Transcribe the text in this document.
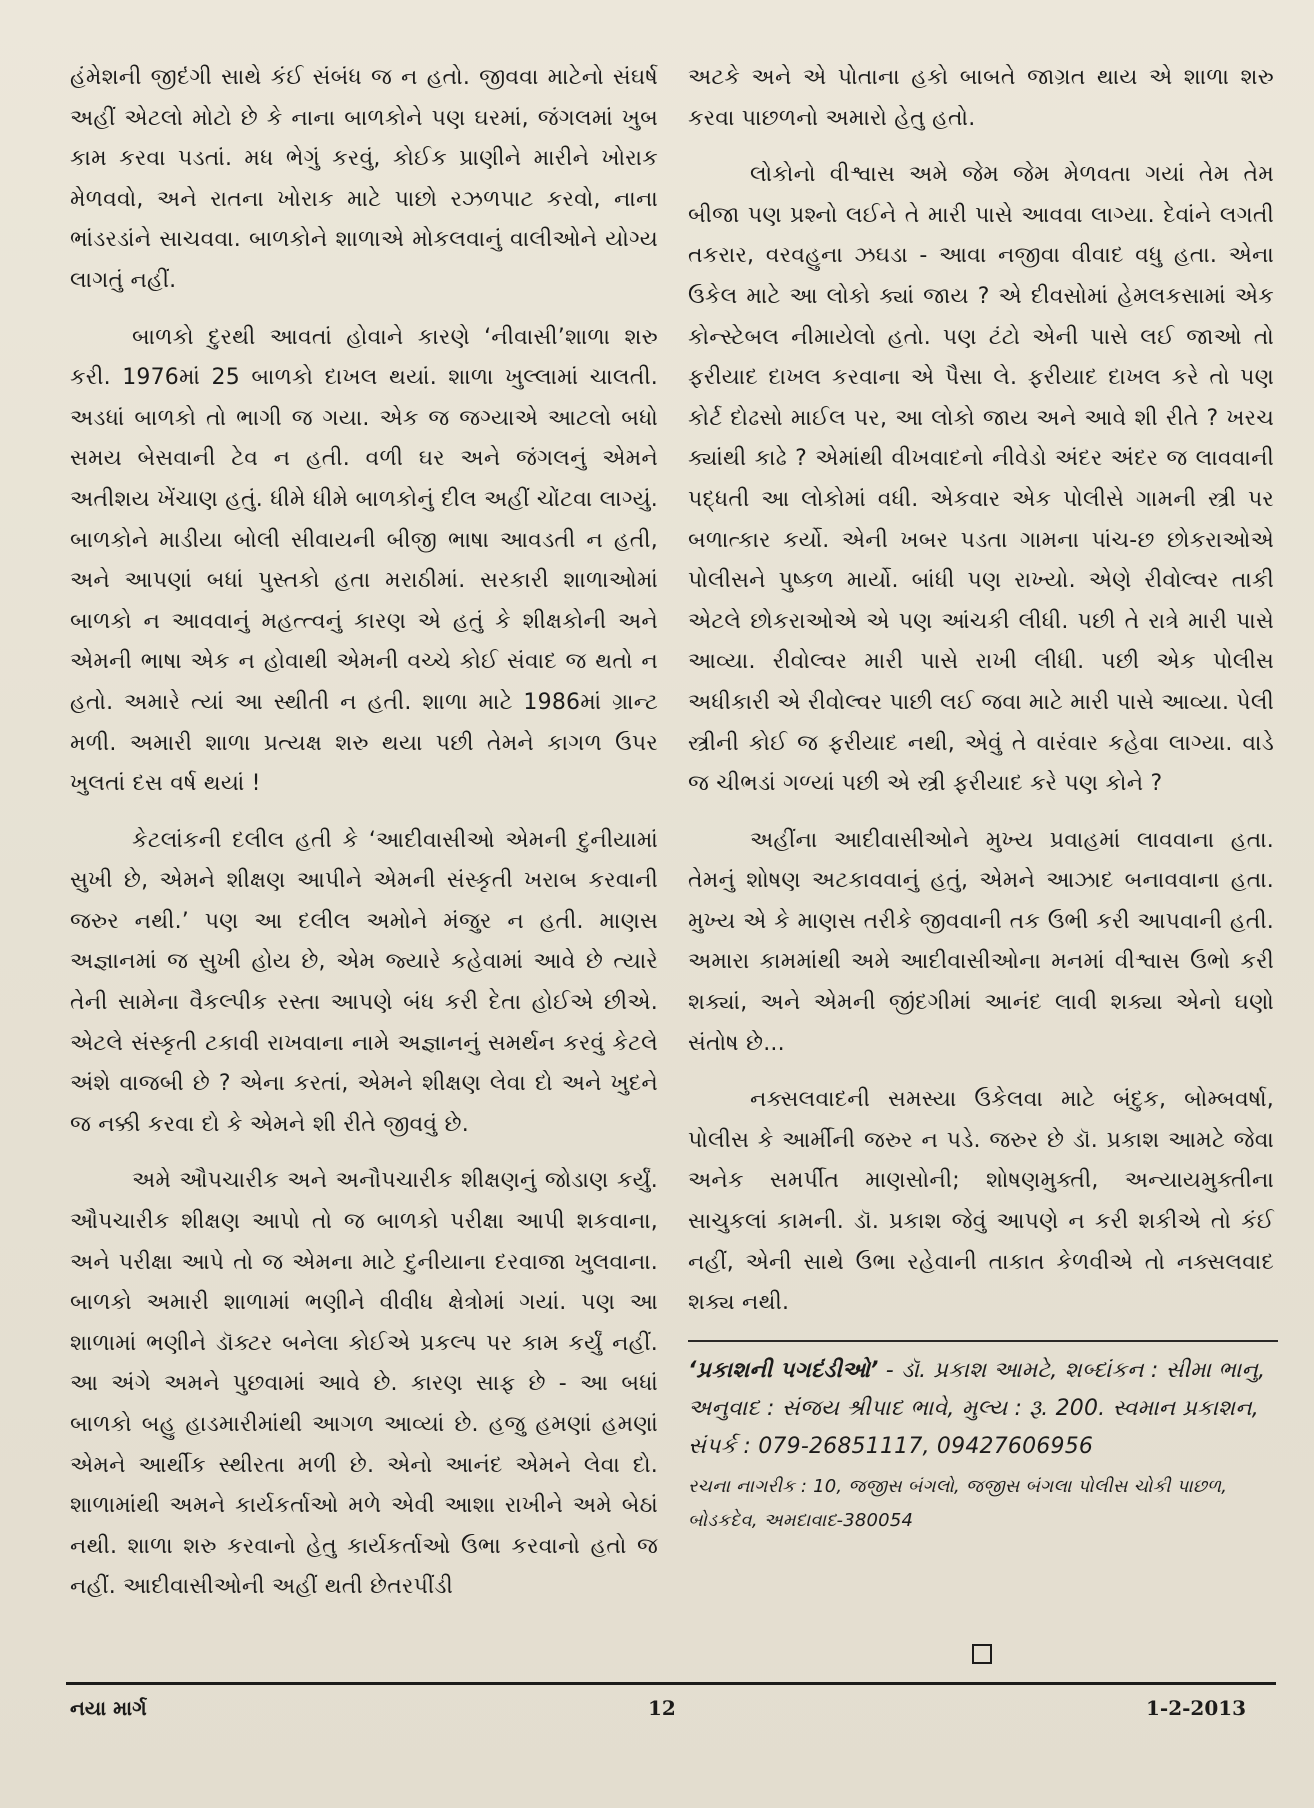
હંમેશની જીદંગી સાથે કંઈ સંબંધ જ ન હતો. જીવવા માટેનો સંઘર્ષ અહીં એટલો મોટો છે કે નાના બાળકોને પણ ઘરમાં, જંગલમાં ખુબ કામ કરવા પડતાં. મધ ભેગું કરવું, કોઈક પ્રાણીને મારીને ખોરાક મેળવવો, અને રાતના ખોરાક માટે પાછો રઝળપાટ કરવો, નાના ભાંડરડાંને સાચવવા. બાળકોને શાળાએ મોકલવાનું વાલીઓને યોગ્ય લાગતું નહીં.

બાળકો દુરથી આવતાં હોવાને કારણે ‘નીવાસી’શાળા શરુ કરી. 1976માં 25 બાળકો દાખલ થયાં. શાળા ખુલ્લામાં ચાલતી. અડધાં બાળકો તો ભાગી જ ગયા. એક જ જગ્યાએ આટલો બધો સમય બેસવાની ટેવ ન હતી. વળી ઘર અને જંગલનું એમને અતીશય ખેંચાણ હતું. ધીમે ધીમે બાળકોનું દીલ અહીં ચોંટવા લાગ્યું. બાળકોને માડીયા બોલી સીવાયની બીજી ભાષા આવડતી ન હતી, અને આપણાં બધાં પુસ્તકો હતા મરાઠીમાં. સરકારી શાળાઓમાં બાળકો ન આવવાનું મહત્ત્વનું કારણ એ હતું કે શીક્ષકોની અને એમની ભાષા એક ન હોવાથી એમની વચ્ચે કોઈ સંવાદ જ થતો ન હતો. અમારે ત્યાં આ સ્થીતી ન હતી. શાળા માટે 1986માં ગ્રાન્ટ મળી. અમારી શાળા પ્રત્યક્ષ શરુ થયા પછી તેમને કાગળ ઉપર ખુલતાં દસ વર્ષ થયાં !

કેટલાંકની દલીલ હતી કે ‘આદીવાસીઓ એમની દુનીયામાં સુખી છે, એમને શીક્ષણ આપીને એમની સંસ્કૃતી ખરાબ કરવાની જરુર નથી.’ પણ આ દલીલ અમોને મંજુર ન હતી. માણસ અજ્ઞાનમાં જ સુખી હોય છે, એમ જ્યારે કહેવામાં આવે છે ત્યારે તેની સામેના વૈકલ્પીક રસ્તા આપણે બંધ કરી દેતા હોઈએ છીએ. એટલે સંસ્કૃતી ટકાવી રાખવાના નામે અજ્ઞાનનું સમર્થન કરવું કેટલે અંશે વાજબી છે ? એના કરતાં, એમને શીક્ષણ લેવા દો અને ખુદને જ નક્કી કરવા દો કે એમને શી રીતે જીવવું છે.

અમે ઔપચારીક અને અનૌપચારીક શીક્ષણનું જોડાણ કર્યું. ઔપચારીક શીક્ષણ આપો તો જ બાળકો પરીક્ષા આપી શકવાના, અને પરીક્ષા આપે તો જ એમના માટે દુનીયાના દરવાજા ખુલવાના. બાળકો અમારી શાળામાં ભણીને વીવીધ ક્ષેત્રોમાં ગયાં. પણ આ શાળામાં ભણીને ડૉક્ટર બનેલા કોઈએ પ્રકલ્પ પર કામ કર્યું નહીં. આ અંગે અમને પુછવામાં આવે છે. કારણ સાફ છે - આ બધાં બાળકો બહુ હાડમારીમાંથી આગળ આવ્યાં છે. હજુ હમણાં હમણાં એમને આર્થીક સ્થીરતા મળી છે. એનો આનંદ એમને લેવા દો. શાળામાંથી અમને કાર્યકર્તાઓ મળે એવી આશા રાખીને અમે બેઠાં નથી. શાળા શરુ કરવાનો હેતુ કાર્યકર્તાઓ ઉભા કરવાનો હતો જ નહીં. આદીવાસીઓની અહીં થતી છેતરપીંડી

અટકે અને એ પોતાના હકો બાબતે જાગ્રત થાય એ શાળા શરુ કરવા પાછળનો અમારો હેતુ હતો.

લોકોનો વીશ્વાસ અમે જેમ જેમ મેળવતા ગયાં તેમ તેમ બીજા પણ પ્રશ્નો લઈને તે મારી પાસે આવવા લાગ્યા. દેવાંને લગતી તકરાર, વરવહુના ઝઘડા - આવા નજીવા વીવાદ વધુ હતા. એના ઉકેલ માટે આ લોકો ક્યાં જાય ? એ દીવસોમાં હેમલકસામાં એક કોન્સ્ટેબલ નીમાયેલો હતો. પણ ટંટો એની પાસે લઈ જાઓ તો ફરીયાદ દાખલ કરવાના એ પૈસા લે. ફરીયાદ દાખલ કરે તો પણ કોર્ટ દોઢસો માઈલ પર, આ લોકો જાય અને આવે શી રીતે ? ખરચ ક્યાંથી કાઢે ? એમાંથી વીખવાદનો નીવેડો અંદર અંદર જ લાવવાની પદ્ધતી આ લોકોમાં વધી. એકવાર એક પોલીસે ગામની સ્ત્રી પર બળાત્કાર કર્યો. એની ખબર પડતા ગામના પાંચ-છ છોકરાઓએ પોલીસને પુષ્કળ માર્યો. બાંધી પણ રાખ્યો. એણે રીવોલ્વર તાકી એટલે છોકરાઓએ એ પણ આંચકી લીધી. પછી તે રાત્રે મારી પાસે આવ્યા. રીવોલ્વર મારી પાસે રાખી લીધી. પછી એક પોલીસ અધીકારી એ રીવોલ્વર પાછી લઈ જવા માટે મારી પાસે આવ્યા. પેલી સ્ત્રીની કોઈ જ ફરીયાદ નથી, એવું તે વારંવાર કહેવા લાગ્યા. વાડે જ ચીભડાં ગળ્યાં પછી એ સ્ત્રી ફરીયાદ કરે પણ કોને ?

અહીંના આદીવાસીઓને મુખ્ય પ્રવાહમાં લાવવાના હતા. તેમનું શોષણ અટકાવવાનું હતું, એમને આઝાદ બનાવવાના હતા. મુખ્ય એ કે માણસ તરીકે જીવવાની તક ઉભી કરી આપવાની હતી. અમારા કામમાંથી અમે આદીવાસીઓના મનમાં વીશ્વાસ ઉભો કરી શક્યાં, અને એમની જીંદગીમાં આનંદ લાવી શક્યા એનો ઘણો સંતોષ છે...

નક્સલવાદની સમસ્યા ઉકેલવા માટે બંદુક, બોમ્બવર્ષા, પોલીસ કે આર્મીની જરુર ન પડે. જરુર છે ડૉ. પ્રકાશ આમટે જેવા અનેક સમર્પીત માણસોની; શોષણમુક્તી, અન્યાયમુક્તીના સાચુકલાં કામની. ડૉ. પ્રકાશ જેવું આપણે ન કરી શકીએ તો કંઈ નહીં, એની સાથે ઉભા રહેવાની તાકાત કેળવીએ તો નક્સલવાદ શક્ય નથી.

‘પ્રકાશની પગદંડીઓ’ - ડૉ. પ્રકાશ આમટે, શબ્દાંકન : સીમા ભાનુ, અનુવાદ : સંજય શ્રીપાદ ભાવે, મુલ્ય : રૂ. 200. સ્વમાન પ્રકાશન, સંપર્ક : 079-26851117, 09427606956

રચના નાગરીક : 10, જજીસ બંગલો, જજીસ બંગલા પોલીસ ચોકી પાછળ, બોડકદેવ, અમદાવાદ-380054

નયા માર્ગ	12	1-2-2013
